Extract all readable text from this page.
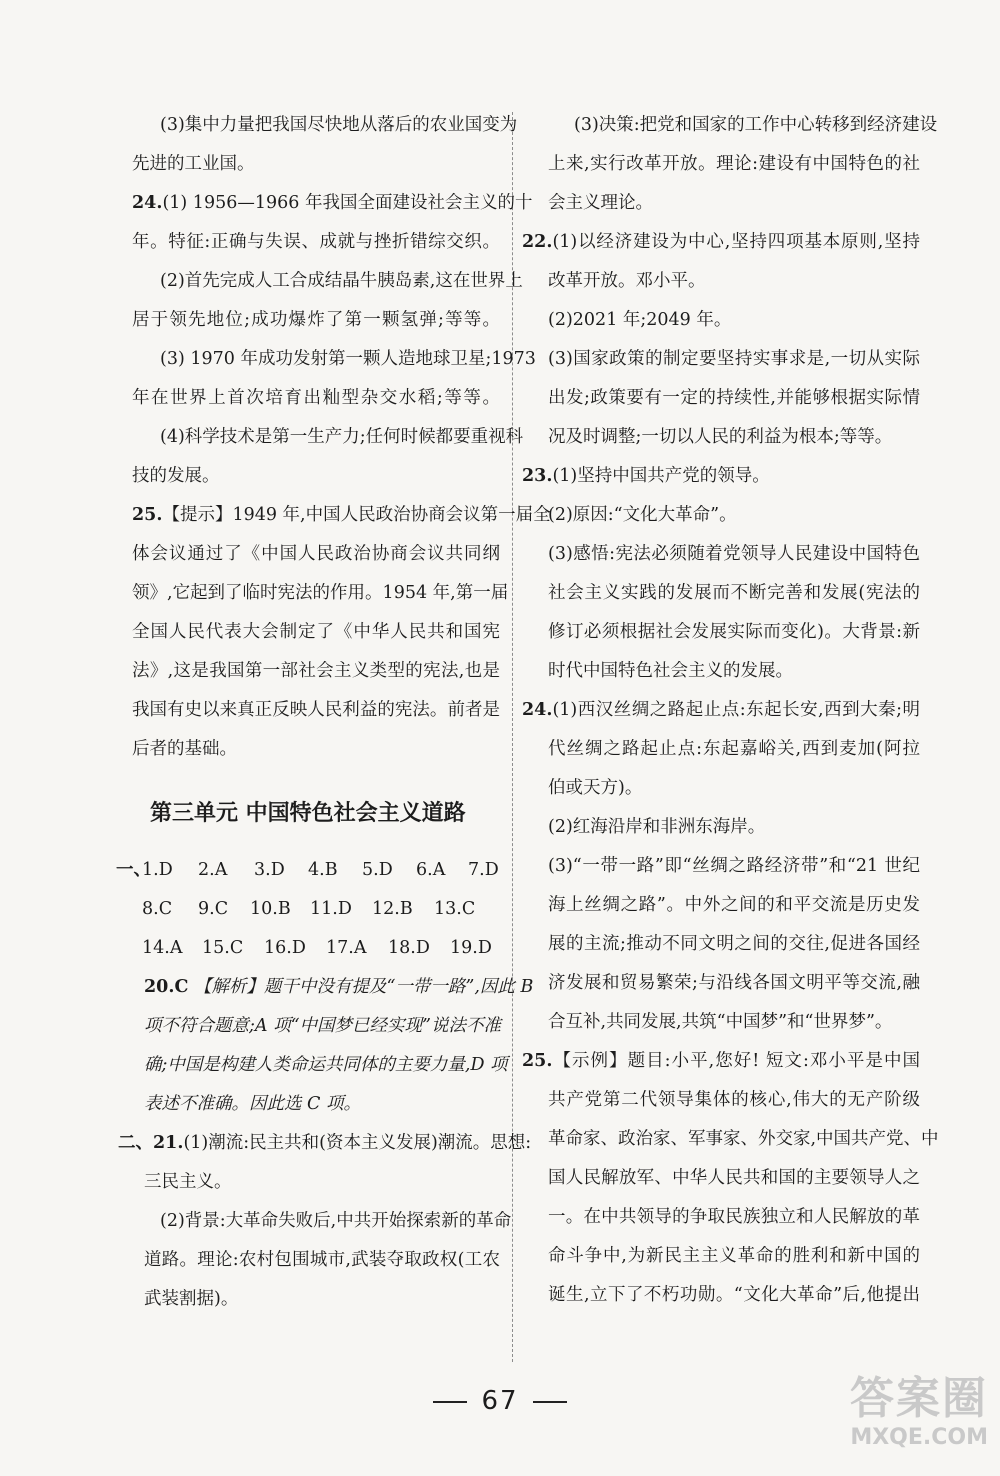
(3)集中力量把我国尽快地从落后的农业国变为
先进的工业国。
24.(1) 1956—1966 年我国全面建设社会主义的十
年。特征:正确与失误、成就与挫折错综交织。
(2)首先完成人工合成结晶牛胰岛素,这在世界上
居于领先地位;成功爆炸了第一颗氢弹;等等。
(3) 1970 年成功发射第一颗人造地球卫星;1973
年在世界上首次培育出籼型杂交水稻;等等。
(4)科学技术是第一生产力;任何时候都要重视科
技的发展。
25.【提示】1949 年,中国人民政治协商会议第一届全
体会议通过了《中国人民政治协商会议共同纲
领》,它起到了临时宪法的作用。1954 年,第一届
全国人民代表大会制定了《中华人民共和国宪
法》,这是我国第一部社会主义类型的宪法,也是
我国有史以来真正反映人民利益的宪法。前者是
后者的基础。
第三单元 中国特色社会主义道路
一、
1.D 2.A 3.D 4.B 5.D 6.A 7.D
8.C 9.C 10.B 11.D 12.B 13.C
14.A 15.C 16.D 17.A 18.D 19.D
20.C 【解析】题干中没有提及“一带一路”,因此 B
项不符合题意;A 项“中国梦已经实现”说法不准
确;中国是构建人类命运共同体的主要力量,D 项
表述不准确。因此选 C 项。
二、21.(1)潮流:民主共和(资本主义发展)潮流。思想:
三民主义。
(2)背景:大革命失败后,中共开始探索新的革命
道路。理论:农村包围城市,武装夺取政权(工农
武装割据)。
(3)决策:把党和国家的工作中心转移到经济建设
上来,实行改革开放。理论:建设有中国特色的社
会主义理论。
22.(1)以经济建设为中心,坚持四项基本原则,坚持
改革开放。邓小平。
(2)2021 年;2049 年。
(3)国家政策的制定要坚持实事求是,一切从实际
出发;政策要有一定的持续性,并能够根据实际情
况及时调整;一切以人民的利益为根本;等等。
23.(1)坚持中国共产党的领导。
(2)原因:“文化大革命”。
(3)感悟:宪法必须随着党领导人民建设中国特色
社会主义实践的发展而不断完善和发展(宪法的
修订必须根据社会发展实际而变化)。大背景:新
时代中国特色社会主义的发展。
24.(1)西汉丝绸之路起止点:东起长安,西到大秦;明
代丝绸之路起止点:东起嘉峪关,西到麦加(阿拉
伯或天方)。
(2)红海沿岸和非洲东海岸。
(3)“一带一路”即“丝绸之路经济带”和“21 世纪
海上丝绸之路”。中外之间的和平交流是历史发
展的主流;推动不同文明之间的交往,促进各国经
济发展和贸易繁荣;与沿线各国文明平等交流,融
合互补,共同发展,共筑“中国梦”和“世界梦”。
25.【示例】题目:小平,您好! 短文:邓小平是中国
共产党第二代领导集体的核心,伟大的无产阶级
革命家、政治家、军事家、外交家,中国共产党、中
国人民解放军、中华人民共和国的主要领导人之
一。在中共领导的争取民族独立和人民解放的革
命斗争中,为新民主主义革命的胜利和新中国的
诞生,立下了不朽功勋。“文化大革命”后,他提出
67	答案圈
MXQE.COM
